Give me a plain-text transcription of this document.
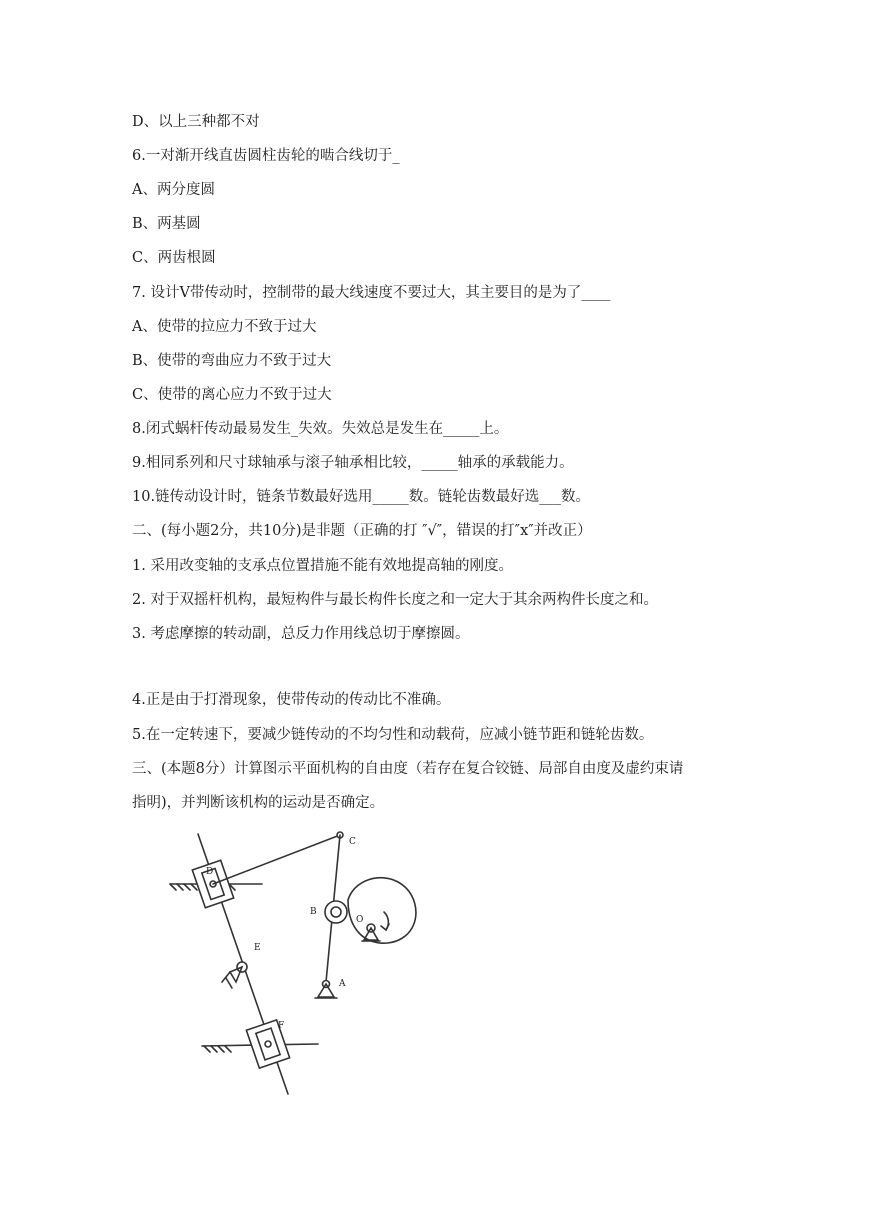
D、以上三种都不对
6.一对渐开线直齿圆柱齿轮的啮合线切于_
A、两分度圆
B、两基圆
C、两齿根圆
7. 设计V带传动时，控制带的最大线速度不要过大，其主要目的是为了____
A、使带的拉应力不致于过大
B、使带的弯曲应力不致于过大
C、使带的离心应力不致于过大
8.闭式蜗杆传动最易发生_失效。失效总是发生在_____上。
9.相同系列和尺寸球轴承与滚子轴承相比较，_____轴承的承载能力。
10.链传动设计时，链条节数最好选用_____数。链轮齿数最好选___数。
二、(每小题2分，共10分)是非题（正确的打 ″√″，错误的打″x″并改正）
1. 采用改变轴的支承点位置措施不能有效地提高轴的刚度。
2. 对于双摇杆机构，最短构件与最长构件长度之和一定大于其余两构件长度之和。
3. 考虑摩擦的转动副，总反力作用线总切于摩擦圆。
4.正是由于打滑现象，使带传动的传动比不准确。
5.在一定转速下，要减少链传动的不均匀性和动载荷，应减小链节距和链轮齿数。
三、(本题8分）计算图示平面机构的自由度（若存在复合铰链、局部自由度及虚约束请
指明)，并判断该机构的运动是否确定。
D
C
B
O
A
E
F
